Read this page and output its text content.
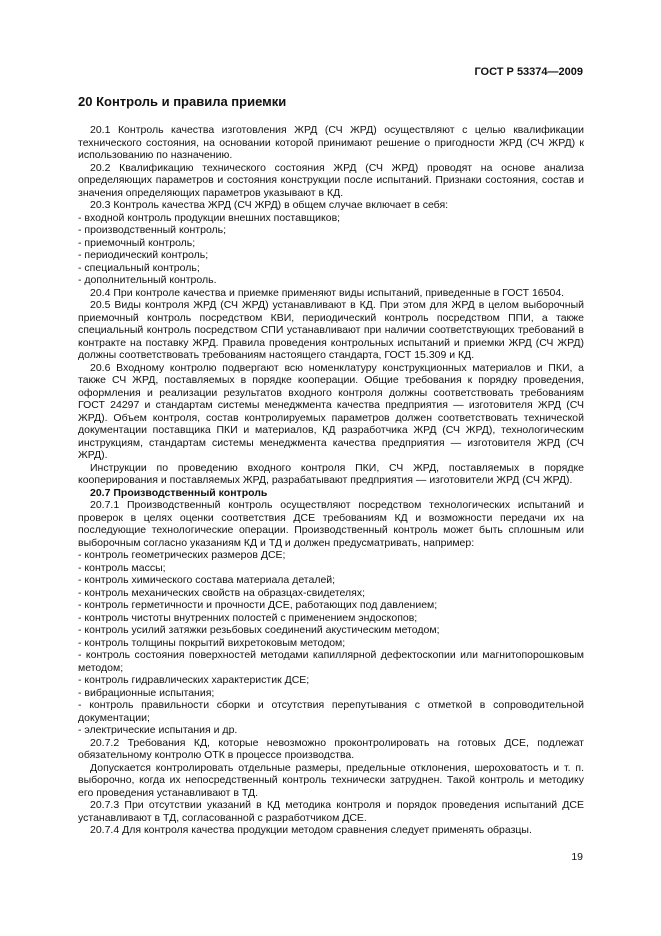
ГОСТ Р 53374—2009
20 Контроль и правила приемки

20.1 Контроль качества изготовления ЖРД (СЧ ЖРД) осуществляют с целью квалификации технического состояния, на основании которой принимают решение о пригодности ЖРД (СЧ ЖРД) к использованию по назначению.

20.2 Квалификацию технического состояния ЖРД (СЧ ЖРД) проводят на основе анализа определяющих параметров и состояния конструкции после испытаний. Признаки состояния, состав и значения определяющих параметров указывают в КД.

20.3 Контроль качества ЖРД (СЧ ЖРД) в общем случае включает в себя:

- входной контроль продукции внешних поставщиков;

- производственный контроль;

- приемочный контроль;

- периодический контроль;

- специальный контроль;

- дополнительный контроль.

20.4 При контроле качества и приемке применяют виды испытаний, приведенные в ГОСТ 16504.

20.5 Виды контроля ЖРД (СЧ ЖРД) устанавливают в КД. При этом для ЖРД в целом выборочный приемочный контроль посредством КВИ, периодический контроль посредством ППИ, а также специальный контроль посредством СПИ устанавливают при наличии соответствующих требований в контракте на поставку ЖРД. Правила проведения контрольных испытаний и приемки ЖРД (СЧ ЖРД) должны соответствовать требованиям настоящего стандарта, ГОСТ 15.309 и КД.

20.6 Входному контролю подвергают всю номенклатуру конструкционных материалов и ПКИ, а также СЧ ЖРД, поставляемых в порядке кооперации. Общие требования к порядку проведения, оформления и реализации результатов входного контроля должны соответствовать требованиям ГОСТ 24297 и стандартам системы менеджмента качества предприятия — изготовителя ЖРД (СЧ ЖРД). Объем контроля, состав контролируемых параметров должен соответствовать технической документации поставщика ПКИ и материалов, КД разработчика ЖРД (СЧ ЖРД), технологическим инструкциям, стандартам системы менеджмента качества предприятия — изготовителя ЖРД (СЧ ЖРД).

Инструкции по проведению входного контроля ПКИ, СЧ ЖРД, поставляемых в порядке кооперирования и поставляемых ЖРД, разрабатывают предприятия — изготовители ЖРД (СЧ ЖРД).

20.7 Производственный контроль

20.7.1 Производственный контроль осуществляют посредством технологических испытаний и проверок в целях оценки соответствия ДСЕ требованиям КД и возможности передачи их на последующие технологические операции. Производственный контроль может быть сплошным или выборочным согласно указаниям КД и ТД и должен предусматривать, например:

- контроль геометрических размеров ДСЕ;

- контроль массы;

- контроль химического состава материала деталей;

- контроль механических свойств на образцах-свидетелях;

- контроль герметичности и прочности ДСЕ, работающих под давлением;

- контроль чистоты внутренних полостей с применением эндоскопов;

- контроль усилий затяжки резьбовых соединений акустическим методом;

- контроль толщины покрытий вихретоковым методом;

- контроль состояния поверхностей методами капиллярной дефектоскопии или магнитопорошковым методом;

- контроль гидравлических характеристик ДСЕ;

- вибрационные испытания;

- контроль правильности сборки и отсутствия перепутывания с отметкой в сопроводительной документации;

- электрические испытания и др.

20.7.2 Требования КД, которые невозможно проконтролировать на готовых ДСЕ, подлежат обязательному контролю ОТК в процессе производства.

Допускается контролировать отдельные размеры, предельные отклонения, шероховатость и т. п. выборочно, когда их непосредственный контроль технически затруднен. Такой контроль и методику его проведения устанавливают в ТД.

20.7.3 При отсутствии указаний в КД методика контроля и порядок проведения испытаний ДСЕ устанавливают в ТД, согласованной с разработчиком ДСЕ.

20.7.4 Для контроля качества продукции методом сравнения следует применять образцы.

19
